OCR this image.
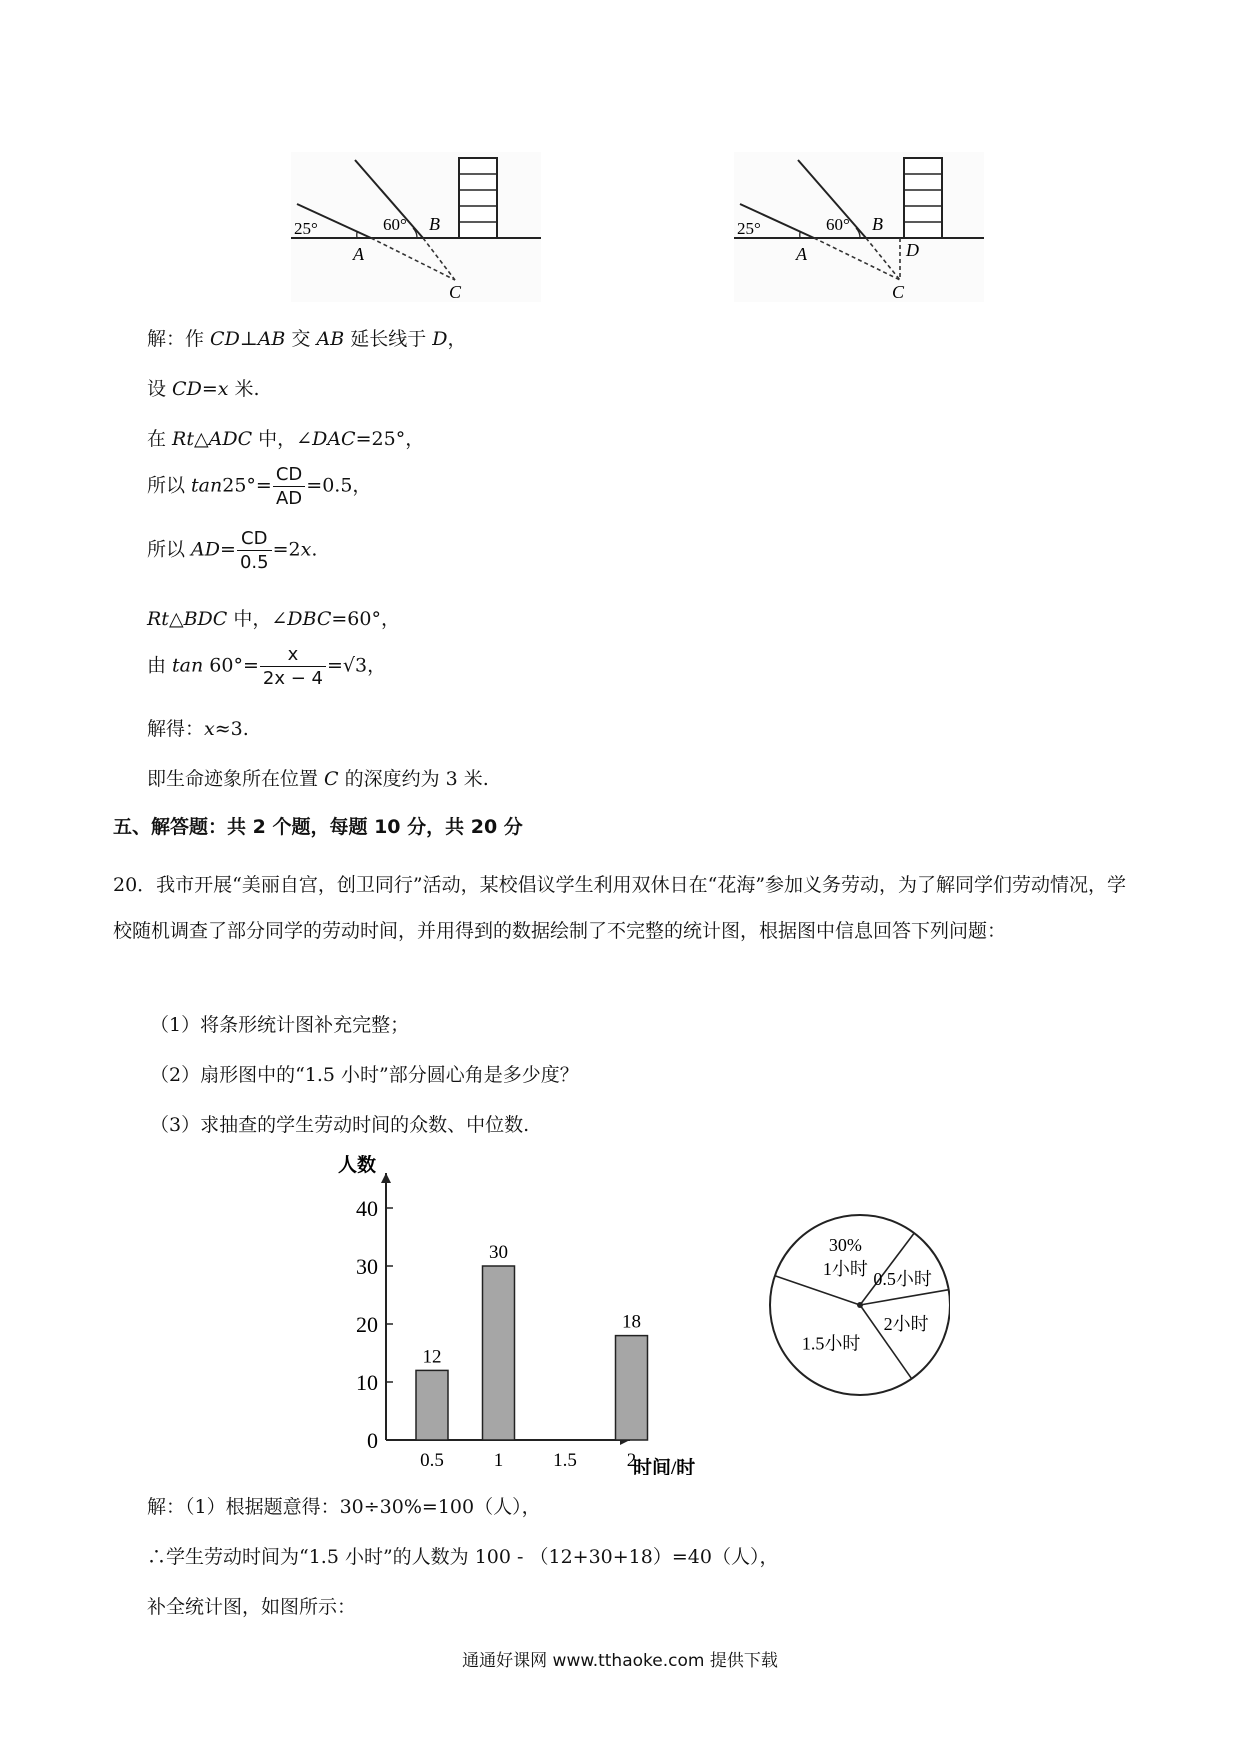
25°	60°
A
B
C
25°	60°
A
B
D
C
解：作 CD⊥AB 交 AB 延长线于 D，
设 CD=x 米.
在 Rt△ADC 中，∠DAC=25°，
所以 $\tan 25^\circ= \frac{CD}{AD} =0.5$，
所以 $AD= \frac{CD}{0.5} =2x$.
Rt△BDC 中，∠DBC=60°，
由 $\tan 60^\circ= \frac{x}{2x - 4} =√3$，
解得：x≈3.
即生命迹象所在位置 C 的深度约为 3 米.
五、解答题：共 2 个题，每题 10 分，共 20 分
20．我市开展“美丽自宫，创卫同行”活动，某校倡议学生利用双休日在“花海”参加义务劳动，为了解同学们劳动情况，学校随机调查了部分同学的劳动时间，并用得到的数据绘制了不完整的统计图，根据图中信息回答下列问题：
（1）将条形统计图补充完整；
（2）扇形图中的“1.5 小时”部分圆心角是多少度？
（3）求抽查的学生劳动时间的众数、中位数.
0
10
20
30
40
人数
时间/时
0.5
12
1
30
1.5	2
18
30%
1小时 0.5小时
2小时
1.5小时
解：（1）根据题意得：30÷30%=100（人），
∴学生劳动时间为“1.5 小时”的人数为 100 - （12+30+18）=40（人），
补全统计图，如图所示：
通通好课网 www.tthaoke.com 提供下载
